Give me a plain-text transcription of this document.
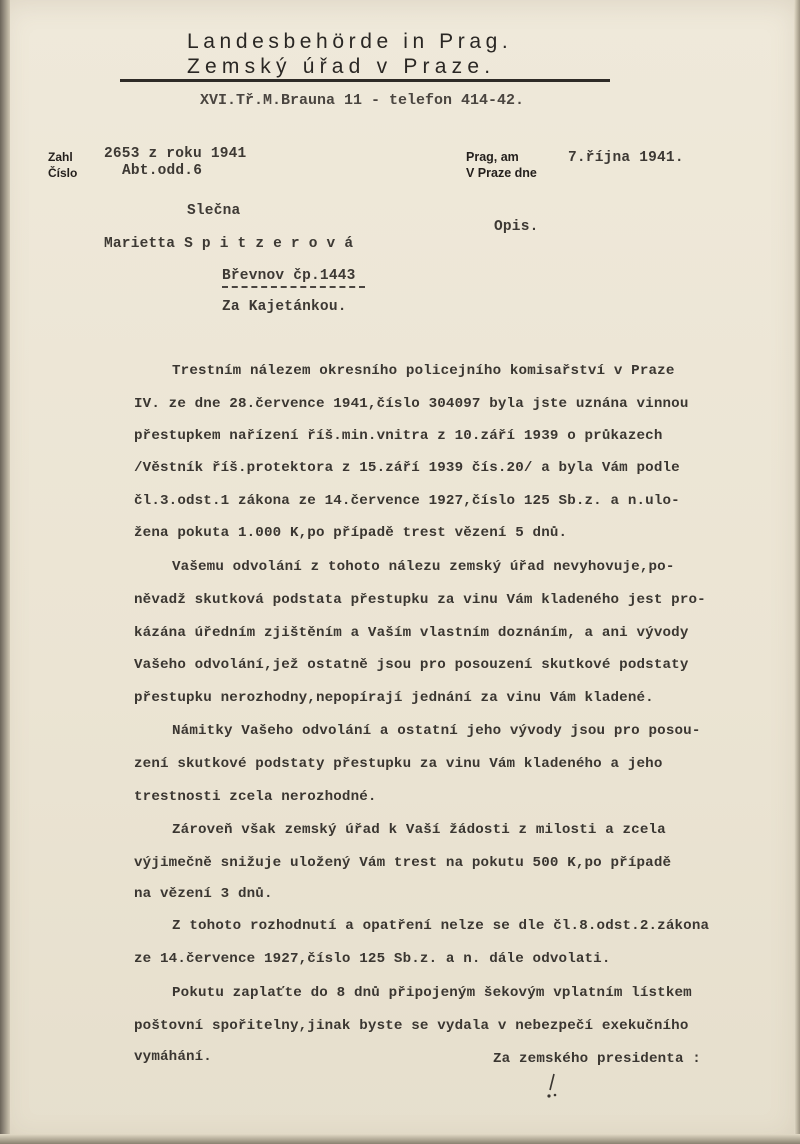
Landesbehörde in Prag.
Zemský úřad v Praze.
XVI.Tř.M.Brauna 11 - telefon 414-42.
Zahl
Číslo
2653 z roku 1941
Abt.odd.6
Prag, am
V Praze dne
7.října 1941.
Opis.
Slečna
Marietta S p i t z e r o v á
Břevnov čp.1443
Za Kajetánkou.
Trestním nálezem okresního policejního komisařství v Praze
IV. ze dne 28.července 1941,číslo 304097 byla jste uznána vinnou
přestupkem nařízení říš.min.vnitra z 10.září 1939 o průkazech
/Věstník říš.protektora z 15.září 1939 čís.20/ a byla Vám podle
čl.3.odst.1 zákona ze 14.července 1927,číslo 125 Sb.z. a n.ulo-
žena pokuta 1.000 K,po případě trest vězení 5 dnů.
Vašemu odvolání z tohoto nálezu zemský úřad nevyhovuje,po-
něvadž skutková podstata přestupku za vinu Vám kladeného jest pro-
kázána úředním zjištěním a Vaším vlastním doznáním, a ani vývody
Vašeho odvolání,jež ostatně jsou pro posouzení skutkové podstaty
přestupku nerozhodny,nepopírají jednání za vinu Vám kladené.
Námitky Vašeho odvolání a ostatní jeho vývody jsou pro posou-
zení skutkové podstaty přestupku za vinu Vám kladeného a jeho
trestnosti zcela nerozhodné.
Zároveň však zemský úřad k Vaší žádosti z milosti a zcela
výjimečně snižuje uložený Vám trest na pokutu 500 K,po případě
na vězení 3 dnů.
Z tohoto rozhodnutí a opatření nelze se dle čl.8.odst.2.zákona
ze 14.července 1927,číslo 125 Sb.z. a n. dále odvolati.
Pokutu zaplaťte do 8 dnů připojeným šekovým vplatním lístkem
poštovní spořitelny,jinak byste se vydala v nebezpečí exekučního
vymáhání.	Za zemského presidenta :
